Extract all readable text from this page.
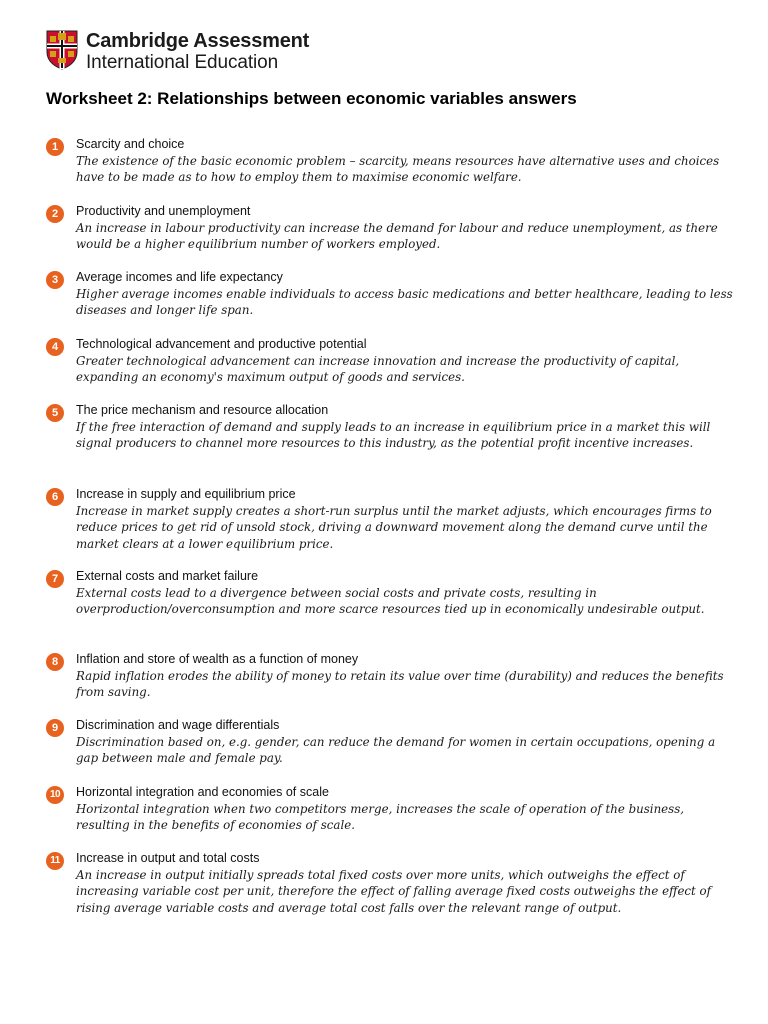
Cambridge Assessment
International Education
Worksheet 2: Relationships between economic variables answers
1	Scarcity and choice
The existence of the basic economic problem – scarcity, means resources have alternative uses and choices have to be made as to how to employ them to maximise economic welfare.
2	Productivity and unemployment
An increase in labour productivity can increase the demand for labour and reduce unemployment, as there would be a higher equilibrium number of workers employed.
3	Average incomes and life expectancy
Higher average incomes enable individuals to access basic medications and better healthcare, leading to less diseases and longer life span.
4	Technological advancement and productive potential
Greater technological advancement can increase innovation and increase the productivity of capital, expanding an economy's maximum output of goods and services.
5	The price mechanism and resource allocation
If the free interaction of demand and supply leads to an increase in equilibrium price in a market this will signal producers to channel more resources to this industry, as the potential profit incentive increases.
6	Increase in supply and equilibrium price
Increase in market supply creates a short-run surplus until the market adjusts, which encourages firms to reduce prices to get rid of unsold stock, driving a downward movement along the demand curve until the market clears at a lower equilibrium price.
7	External costs and market failure
External costs lead to a divergence between social costs and private costs, resulting in overproduction/overconsumption and more scarce resources tied up in economically undesirable output.
8	Inflation and store of wealth as a function of money
Rapid inflation erodes the ability of money to retain its value over time (durability) and reduces the benefits from saving.
9	Discrimination and wage differentials
Discrimination based on, e.g. gender, can reduce the demand for women in certain occupations, opening a gap between male and female pay.
10	Horizontal integration and economies of scale
Horizontal integration when two competitors merge, increases the scale of operation of the business, resulting in the benefits of economies of scale.
11	Increase in output and total costs
An increase in output initially spreads total fixed costs over more units, which outweighs the effect of increasing variable cost per unit, therefore the effect of falling average fixed costs outweighs the effect of rising average variable costs and average total cost falls over the relevant range of output.
